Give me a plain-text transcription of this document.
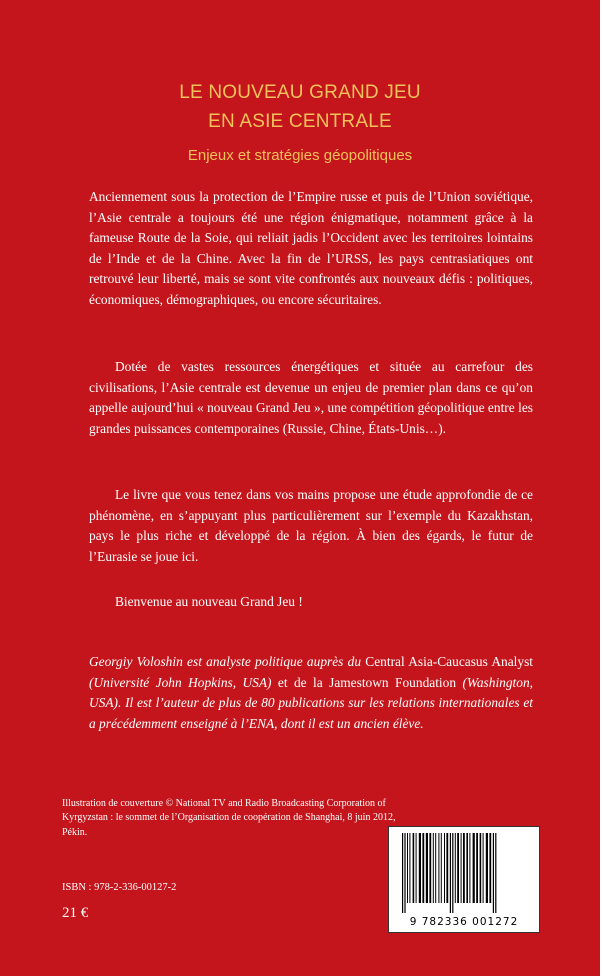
LE NOUVEAU GRAND JEU
EN ASIE CENTRALE
Enjeux et stratégies géopolitiques

Anciennement sous la protection de l’Empire russe et puis de l’Union soviétique, l’Asie centrale a toujours été une région énigmatique, notamment grâce à la fameuse Route de la Soie, qui reliait jadis l’Occident avec les territoires lointains de l’Inde et de la Chine. Avec la fin de l’URSS, les pays centrasiatiques ont retrouvé leur liberté, mais se sont vite confrontés aux nouveaux défis : politiques, économiques, démographiques, ou encore sécuritaires.

Dotée de vastes ressources énergétiques et située au carrefour des civilisations, l’Asie centrale est devenue un enjeu de premier plan dans ce qu’on appelle aujourd’hui « nouveau Grand Jeu », une compétition géopolitique entre les grandes puissances contemporaines (Russie, Chine, États-Unis…).

Le livre que vous tenez dans vos mains propose une étude approfondie de ce phénomène, en s’appuyant plus particulièrement sur l’exemple du Kazakhstan, pays le plus riche et développé de la région. À bien des égards, le futur de l’Eurasie se joue ici.

Bienvenue au nouveau Grand Jeu !

Georgiy Voloshin est analyste politique auprès du Central Asia-Caucasus Analyst (Université John Hopkins, USA) et de la Jamestown Foundation (Washington, USA). Il est l’auteur de plus de 80 publications sur les relations internationales et a précédemment enseigné à l’ENA, dont il est un ancien élève.

Illustration de couverture © National TV and Radio Broadcasting Corporation of Kyrgyzstan : le sommet de l’Organisation de coopération de Shanghai, 8 juin 2012, Pékin.

ISBN : 978-2-336-00127-2
21 €
9 782336 001272
